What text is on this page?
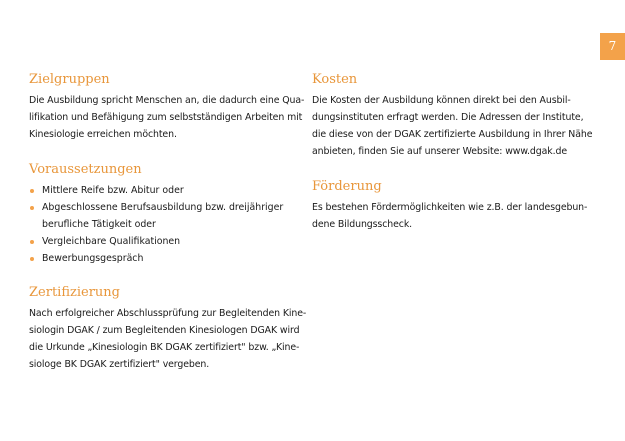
7
Zielgruppen

Die Ausbildung spricht Menschen an, die dadurch eine Qua-
lifikation und Befähigung zum selbstständigen Arbeiten mit
Kinesiologie erreichen möchten.

Voraussetzungen
Mittlere Reife bzw. Abitur oder
Abgeschlossene Berufsausbildung bzw. dreijähriger
berufliche Tätigkeit oder
Vergleichbare Qualifikationen
Bewerbungsgespräch
Zertifizierung

Nach erfolgreicher Abschlussprüfung zur Begleitenden Kine-
siologin DGAK / zum Begleitenden Kinesiologen DGAK wird
die Urkunde „Kinesiologin BK DGAK zertifiziert" bzw. „Kine-
siologe BK DGAK zertifiziert" vergeben.

Kosten

Die Kosten der Ausbildung können direkt bei den Ausbil-
dungsinstituten erfragt werden. Die Adressen der Institute,
die diese von der DGAK zertifizierte Ausbildung in Ihrer Nähe
anbieten, finden Sie auf unserer Website: www.dgak.de

Förderung

Es bestehen Fördermöglichkeiten wie z.B. der landesgebun-
dene Bildungsscheck.
